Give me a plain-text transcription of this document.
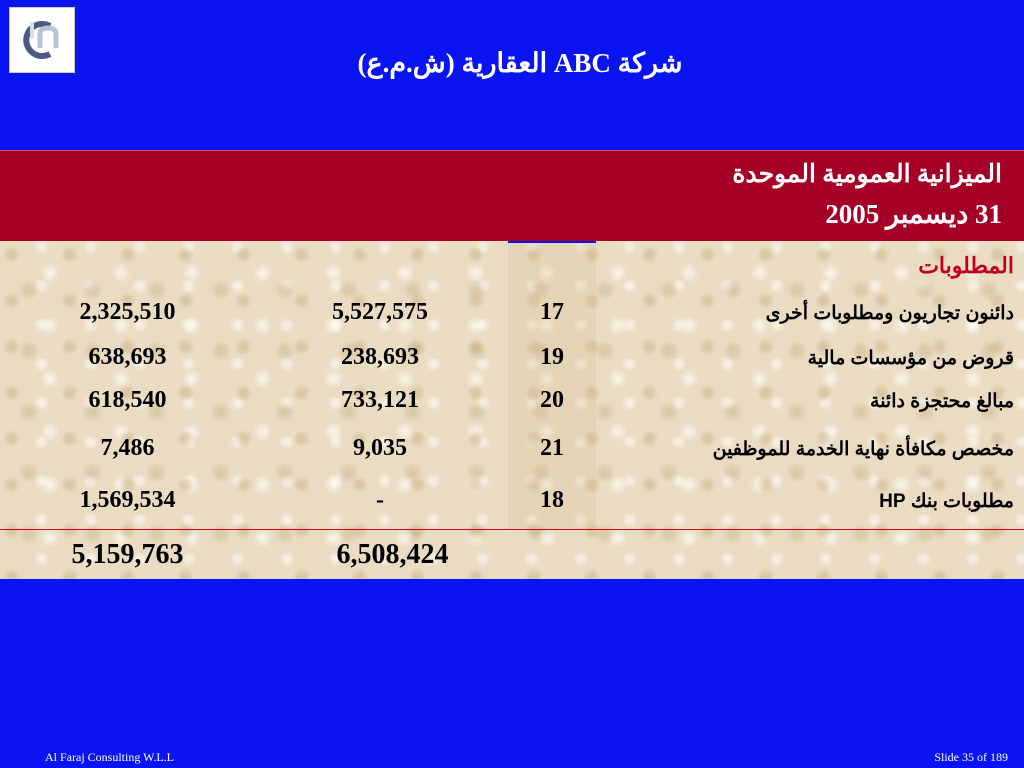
شركة ABC العقارية (ش.م.ع)
الميزانية العمومية الموحدة
31 ديسمبر 2005
المطلوبات
دائنون تجاريون ومطلوبات أخرى
17
5,527,575
2,325,510
قروض من مؤسسات مالية
19
238,693
638,693
مبالغ محتجزة دائنة
20
733,121
618,540
مخصص مكافأة نهاية الخدمة للموظفين
21
9,035
7,486
مطلوبات بنك HP
18
-
1,569,534
6,508,424
5,159,763
Al Faraj Consulting W.L.L	Slide 35 of 189
